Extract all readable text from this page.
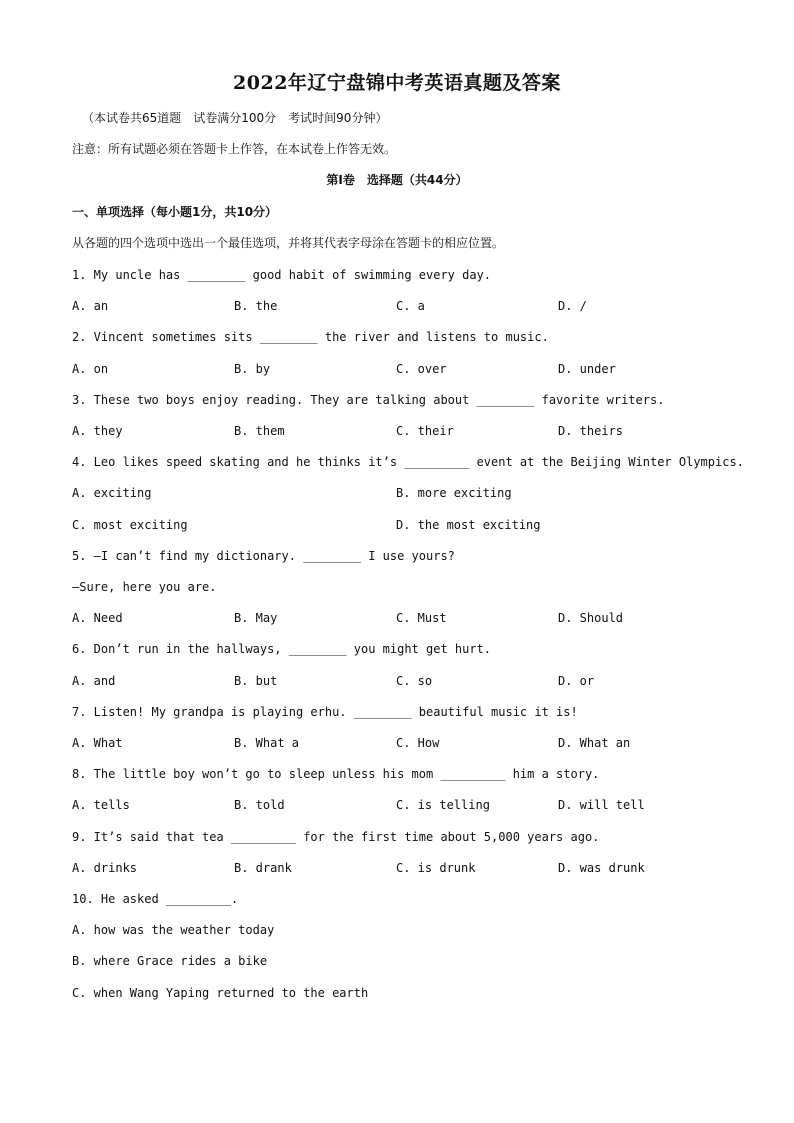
2022年辽宁盘锦中考英语真题及答案
（本试卷共65道题　试卷满分100分　考试时间90分钟）
注意：所有试题必须在答题卡上作答，在本试卷上作答无效。
第Ⅰ卷　选择题（共44分）
一、单项选择（每小题1分，共10分）
从各题的四个选项中选出一个最佳选项，并将其代表字母涂在答题卡的相应位置。
1. My uncle has ________ good habit of swimming every day.
A. an	B. the	C. a	D. /
2. Vincent sometimes sits ________ the river and listens to music.
A. on	B. by	C. over	D. under
3. These two boys enjoy reading. They are talking about ________ favorite writers.
A. they	B. them	C. their	D. theirs
4. Leo likes speed skating and he thinks it’s _________ event at the Beijing Winter Olympics.
A. exciting	B. more exciting
C. most exciting	D. the most exciting
5. —I can’t find my dictionary. ________ I use yours?
—Sure, here you are.
A. Need	B. May	C. Must	D. Should
6. Don’t run in the hallways, ________ you might get hurt.
A. and	B. but	C. so	D. or
7. Listen! My grandpa is playing erhu. ________ beautiful music it is!
A. What	B. What a	C. How	D. What an
8. The little boy won’t go to sleep unless his mom _________ him a story.
A. tells	B. told	C. is telling	D. will tell
9. It’s said that tea _________ for the first time about 5,000 years ago.
A. drinks	B. drank	C. is drunk	D. was drunk
10. He asked _________.
A. how was the weather today
B. where Grace rides a bike
C. when Wang Yaping returned to the earth
